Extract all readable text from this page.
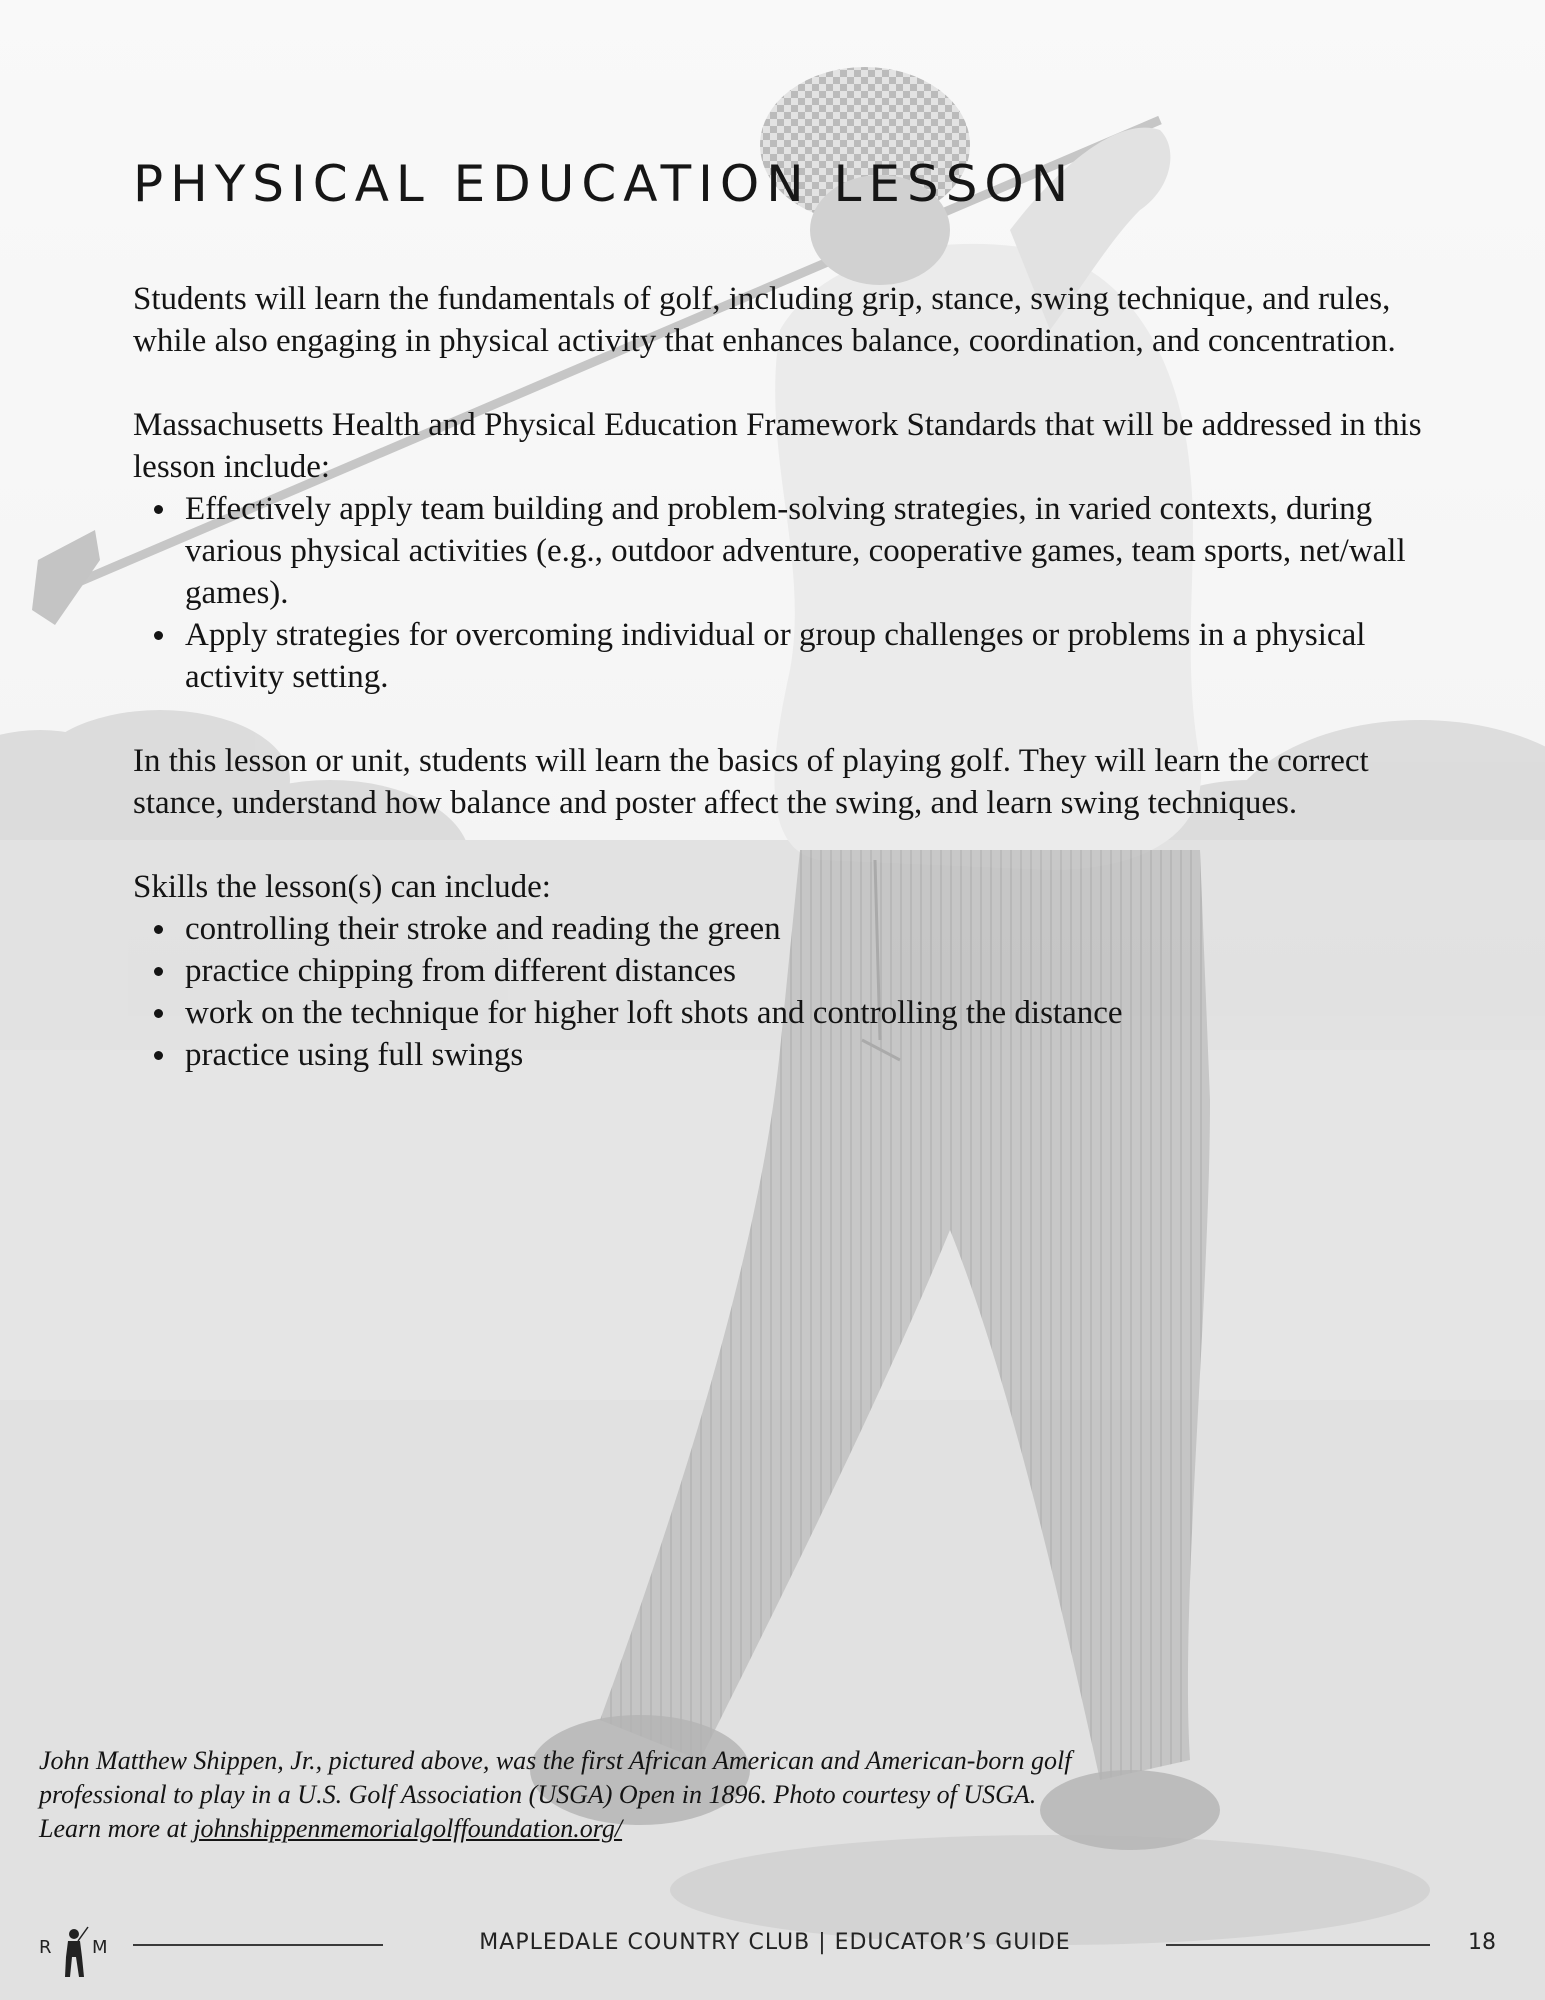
PHYSICAL EDUCATION LESSON

Students will learn the fundamentals of golf, including grip, stance, swing technique, and rules, while also engaging in physical activity that enhances balance, coordination, and concentration.

Massachusetts Health and Physical Education Framework Standards that will be addressed in this lesson include:

Effectively apply team building and problem-solving strategies, in varied contexts, during various physical activities (e.g., outdoor adventure, cooperative games, team sports, net/wall games).
Apply strategies for overcoming individual or group challenges or problems in a physical activity setting.

In this lesson or unit, students will learn the basics of playing golf. They will learn the correct stance, understand how balance and poster affect the swing, and learn swing techniques.

Skills the lesson(s) can include:

controlling their stroke and reading the green
practice chipping from different distances
work on the technique for higher loft shots and controlling the distance
practice using full swings

John Matthew Shippen, Jr., pictured above, was the first African American and American-born golf

professional to play in a U.S. Golf Association (USGA) Open in 1896. Photo courtesy of USGA.

Learn more at johnshippenmemorialgolffoundation.org/

R M	MAPLEDALE COUNTRY CLUB | EDUCATOR’S GUIDE	18
